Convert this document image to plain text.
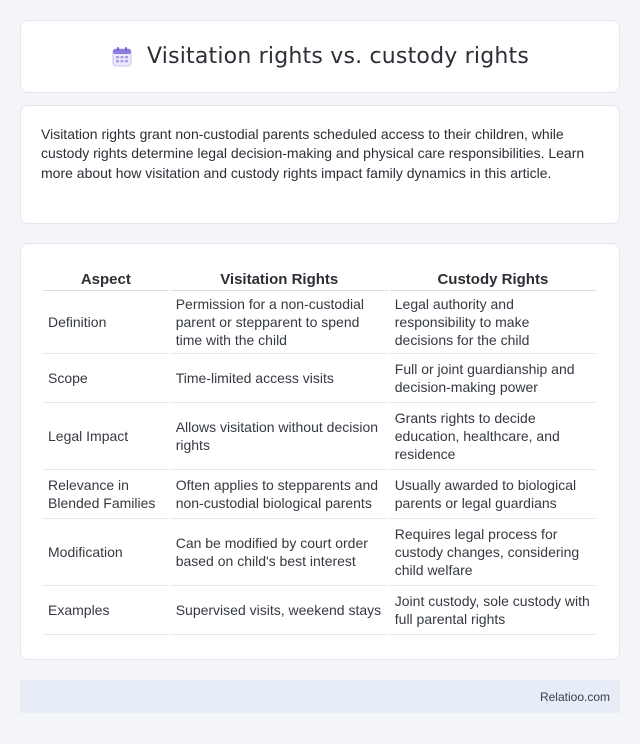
Visitation rights vs. custody rights

Visitation rights grant non-custodial parents scheduled access to their children, while custody rights determine legal decision-making and physical care responsibilities. Learn more about how visitation and custody rights impact family dynamics in this article.

Aspect	Visitation Rights	Custody Rights
Definition	Permission for a non-custodial parent or stepparent to spend time with the child	Legal authority and responsibility to make decisions for the child
Scope	Time-limited access visits	Full or joint guardianship and decision-making power
Legal Impact	Allows visitation without decision rights	Grants rights to decide education, healthcare, and residence
Relevance in Blended Families	Often applies to stepparents and non-custodial biological parents	Usually awarded to biological parents or legal guardians
Modification	Can be modified by court order based on child's best interest	Requires legal process for custody changes, considering child welfare
Examples	Supervised visits, weekend stays	Joint custody, sole custody with full parental rights
Relatioo.com
